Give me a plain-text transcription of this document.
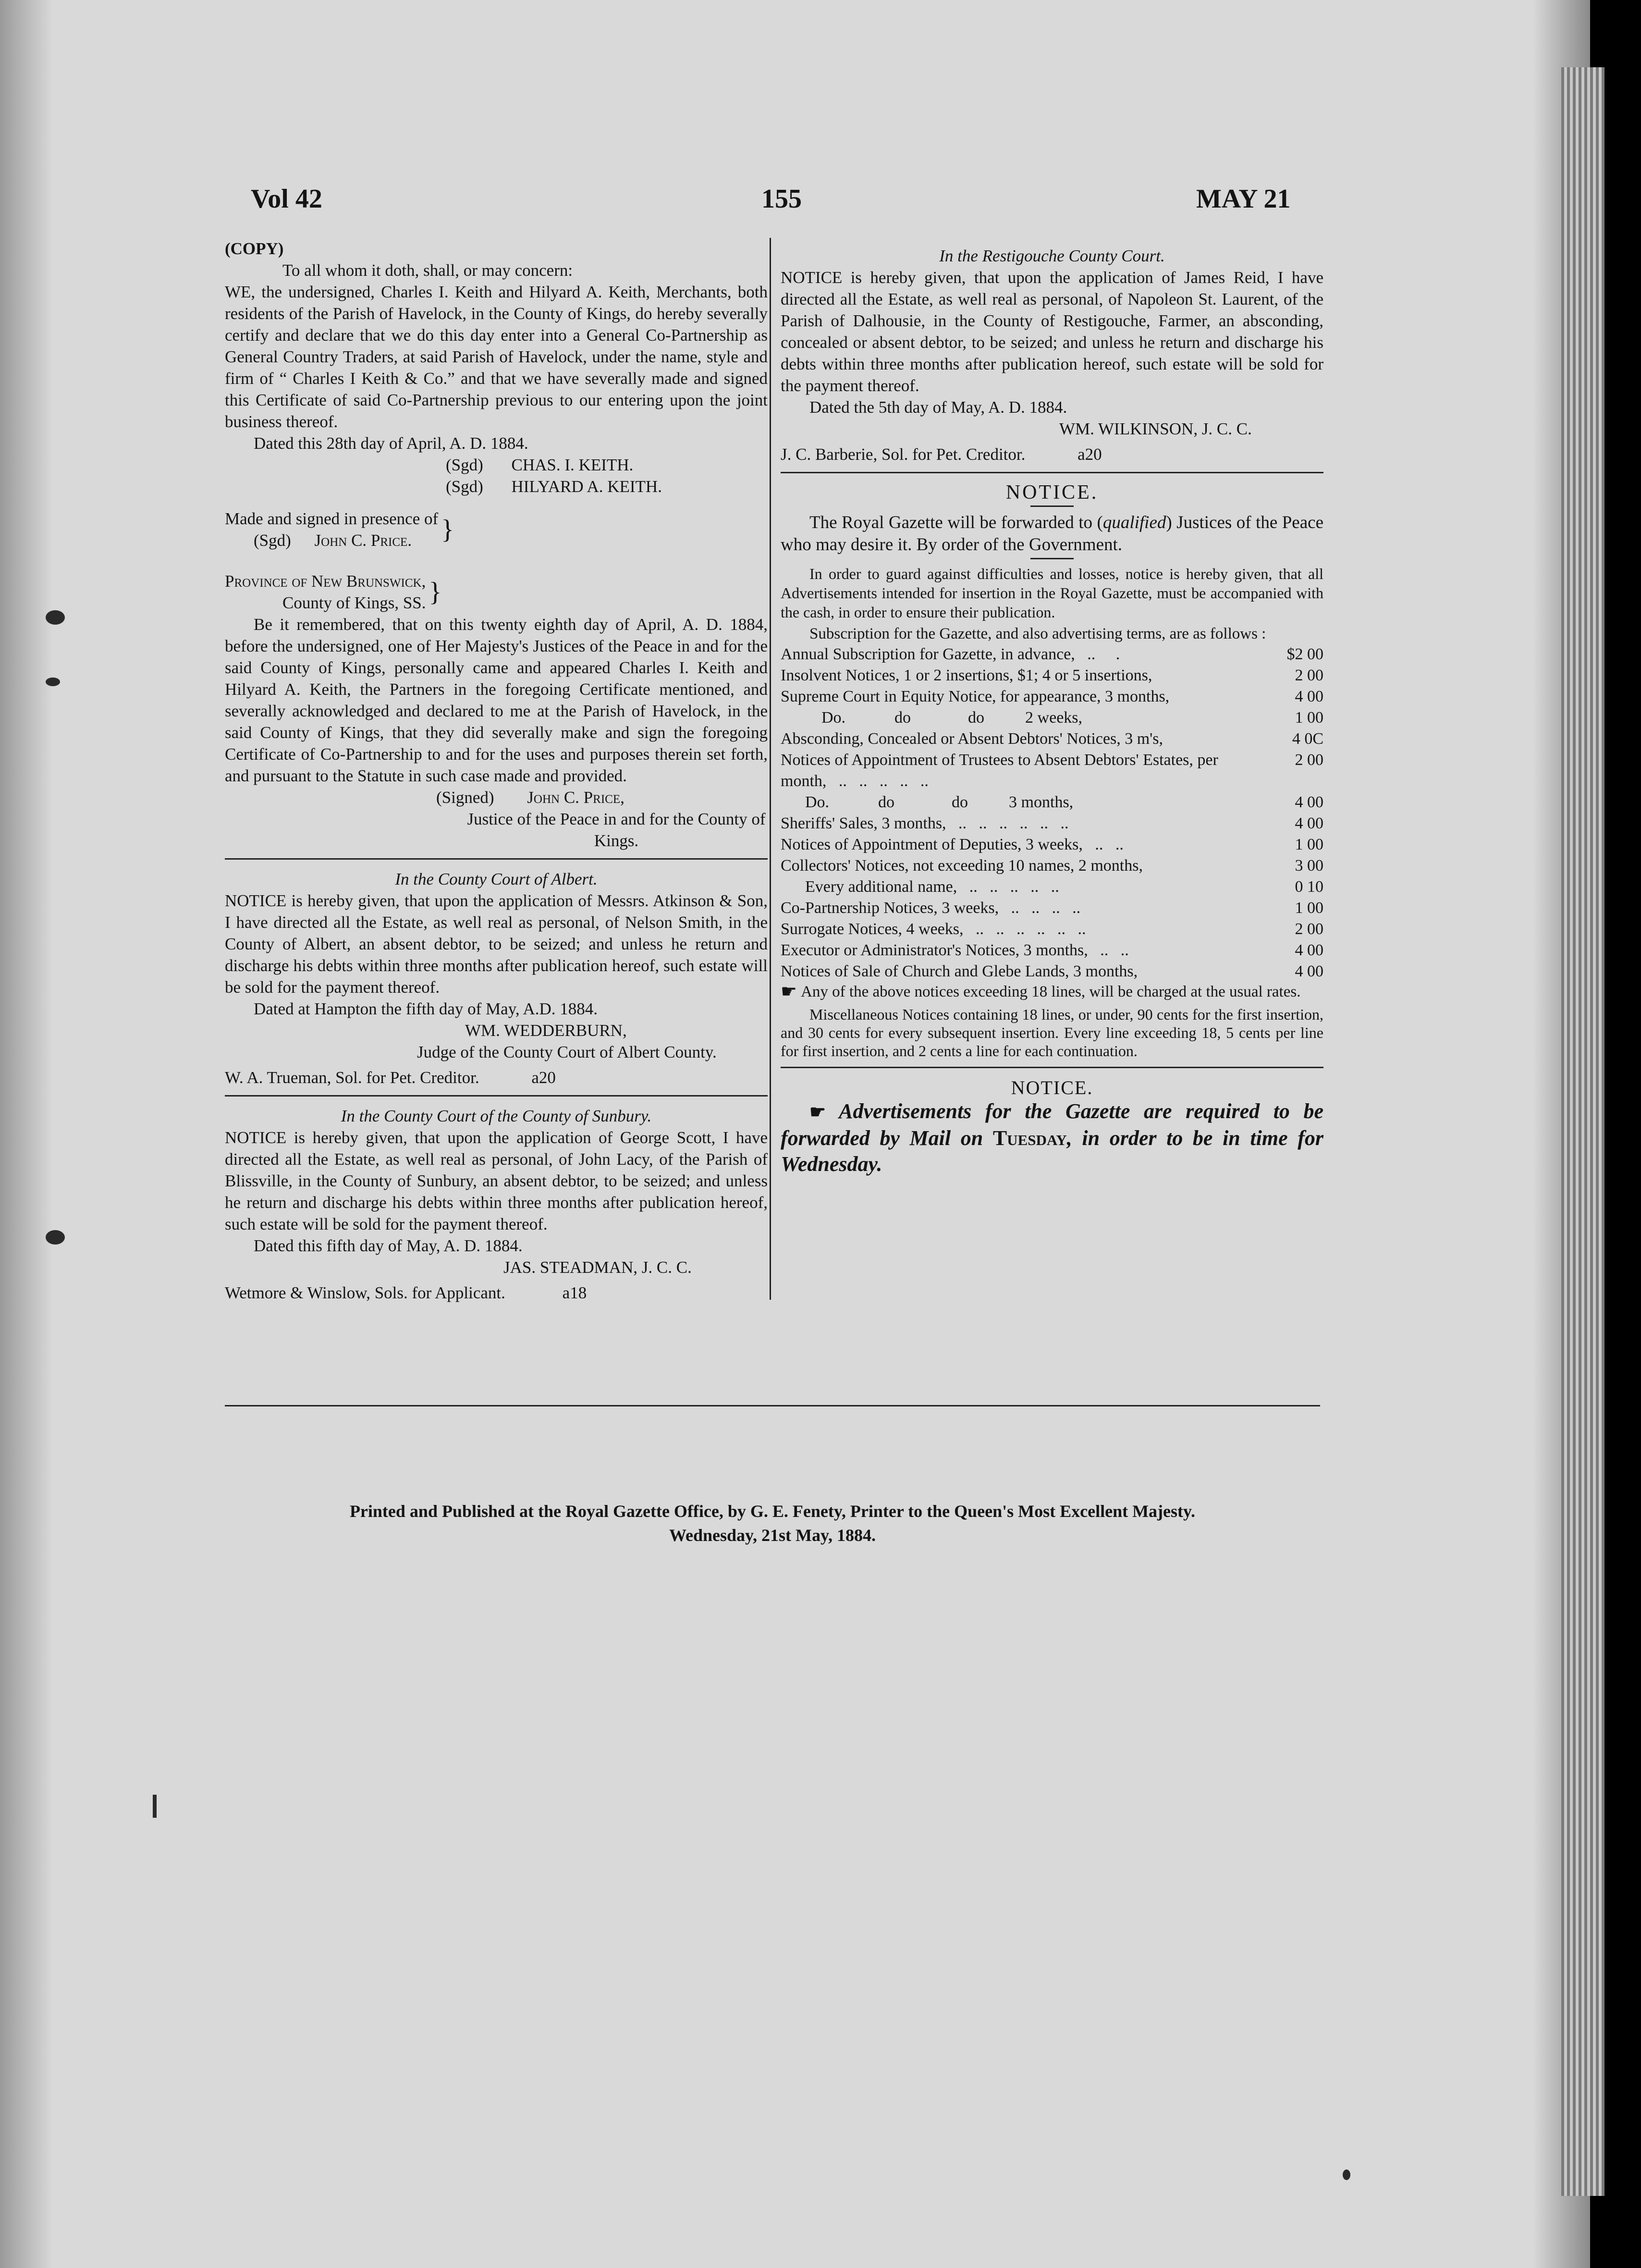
Vol 42	155	MAY 21
(COPY)
To all whom it doth, shall, or may concern:

WE, the undersigned, Charles I. Keith and Hilyard A. Keith, Merchants, both residents of the Parish of Havelock, in the County of Kings, do hereby severally certify and declare that we do this day enter into a General Co-Partnership as General Country Traders, at said Parish of Havelock, under the name, style and firm of “ Charles I Keith & Co.” and that we have severally made and signed this Certificate of said Co-Partnership previous to our entering upon the joint business thereof.

Dated this 28th day of April, A. D. 1884.

(Sgd) CHAS. I. KEITH.
(Sgd) HILYARD A. KEITH.
Made and signed in presence of
(Sgd) John C. Price.	}
Province of New Brunswick,
County of Kings, SS. }

Be it remembered, that on this twenty eighth day of April, A. D. 1884, before the undersigned, one of Her Majesty's Justices of the Peace in and for the said County of Kings, personally came and appeared Charles I. Keith and Hilyard A. Keith, the Partners in the foregoing Certificate mentioned, and severally acknowledged and declared to me at the Parish of Havelock, in the said County of Kings, that they did severally make and sign the foregoing Certificate of Co-Partnership to and for the uses and purposes therein set forth, and pursuant to the Statute in such case made and provided.

(Signed) John C. Price,
Justice of the Peace in and for the County of Kings.
In the County Court of Albert.

NOTICE is hereby given, that upon the application of Messrs. Atkinson & Son, I have directed all the Estate, as well real as personal, of Nelson Smith, in the County of Albert, an absent debtor, to be seized; and unless he return and discharge his debts within three months after publication hereof, such estate will be sold for the payment thereof.

Dated at Hampton the fifth day of May, A.D. 1884.

WM. WEDDERBURN,
Judge of the County Court of Albert County.
W. A. Trueman, Sol. for Pet. Creditor.	a20
In the County Court of the County of Sunbury.

NOTICE is hereby given, that upon the application of George Scott, I have directed all the Estate, as well real as personal, of John Lacy, of the Parish of Blissville, in the County of Sunbury, an absent debtor, to be seized; and unless he return and discharge his debts within three months after publication hereof, such estate will be sold for the payment thereof.

Dated this fifth day of May, A. D. 1884.

JAS. STEADMAN, J. C. C.
Wetmore & Winslow, Sols. for Applicant.	a18
In the Restigouche County Court.

NOTICE is hereby given, that upon the application of James Reid, I have directed all the Estate, as well real as personal, of Napoleon St. Laurent, of the Parish of Dalhousie, in the County of Restigouche, Farmer, an absconding, concealed or absent debtor, to be seized; and unless he return and discharge his debts within three months after publication hereof, such estate will be sold for the payment thereof.

Dated the 5th day of May, A. D. 1884.

WM. WILKINSON, J. C. C.
J. C. Barberie, Sol. for Pet. Creditor.	a20
NOTICE.

The Royal Gazette will be forwarded to (qualified) Justices of the Peace who may desire it. By order of the Government.

In order to guard against difficulties and losses, notice is hereby given, that all Advertisements intended for insertion in the Royal Gazette, must be accompanied with the cash, in order to ensure their publication.

Subscription for the Gazette, and also advertising terms, are as follows :

Annual Subscription for Gazette, in advance,   ..     .	$2 00
Insolvent Notices, 1 or 2 insertions, $1; 4 or 5 insertions,	2 00
Supreme Court in Equity Notice, for appearance, 3 months,	4 00
Do.            do              do          2 weeks,	1 00
Absconding, Concealed or Absent Debtors' Notices, 3 m's,	4 0C
Notices of Appointment of Trustees to Absent Debtors' Estates, per month,   ..   ..   ..   ..   ..	2 00
Do.            do              do          3 months,	4 00
Sheriffs' Sales, 3 months,   ..   ..   ..   ..   ..   ..	4 00
Notices of Appointment of Deputies, 3 weeks,   ..   ..	1 00
Collectors' Notices, not exceeding 10 names, 2 months,	3 00
Every additional name,   ..   ..   ..   ..   ..	0 10
Co-Partnership Notices, 3 weeks,   ..   ..   ..   ..	1 00
Surrogate Notices, 4 weeks,   ..   ..   ..   ..   ..   ..	2 00
Executor or Administrator's Notices, 3 months,   ..   ..	4 00
Notices of Sale of Church and Glebe Lands, 3 months,	4 00
☛ Any of the above notices exceeding 18 lines, will be charged at the usual rates.

Miscellaneous Notices containing 18 lines, or under, 90 cents for the first insertion, and 30 cents for every subsequent insertion. Every line exceeding 18, 5 cents per line for first insertion, and 2 cents a line for each continuation.

NOTICE.

☛ Advertisements for the Gazette are required to be forwarded by Mail on Tuesday, in order to be in time for Wednesday.

Printed and Published at the Royal Gazette Office, by G. E. Fenety, Printer to the Queen's Most Excellent Majesty.
Wednesday, 21st May, 1884.
